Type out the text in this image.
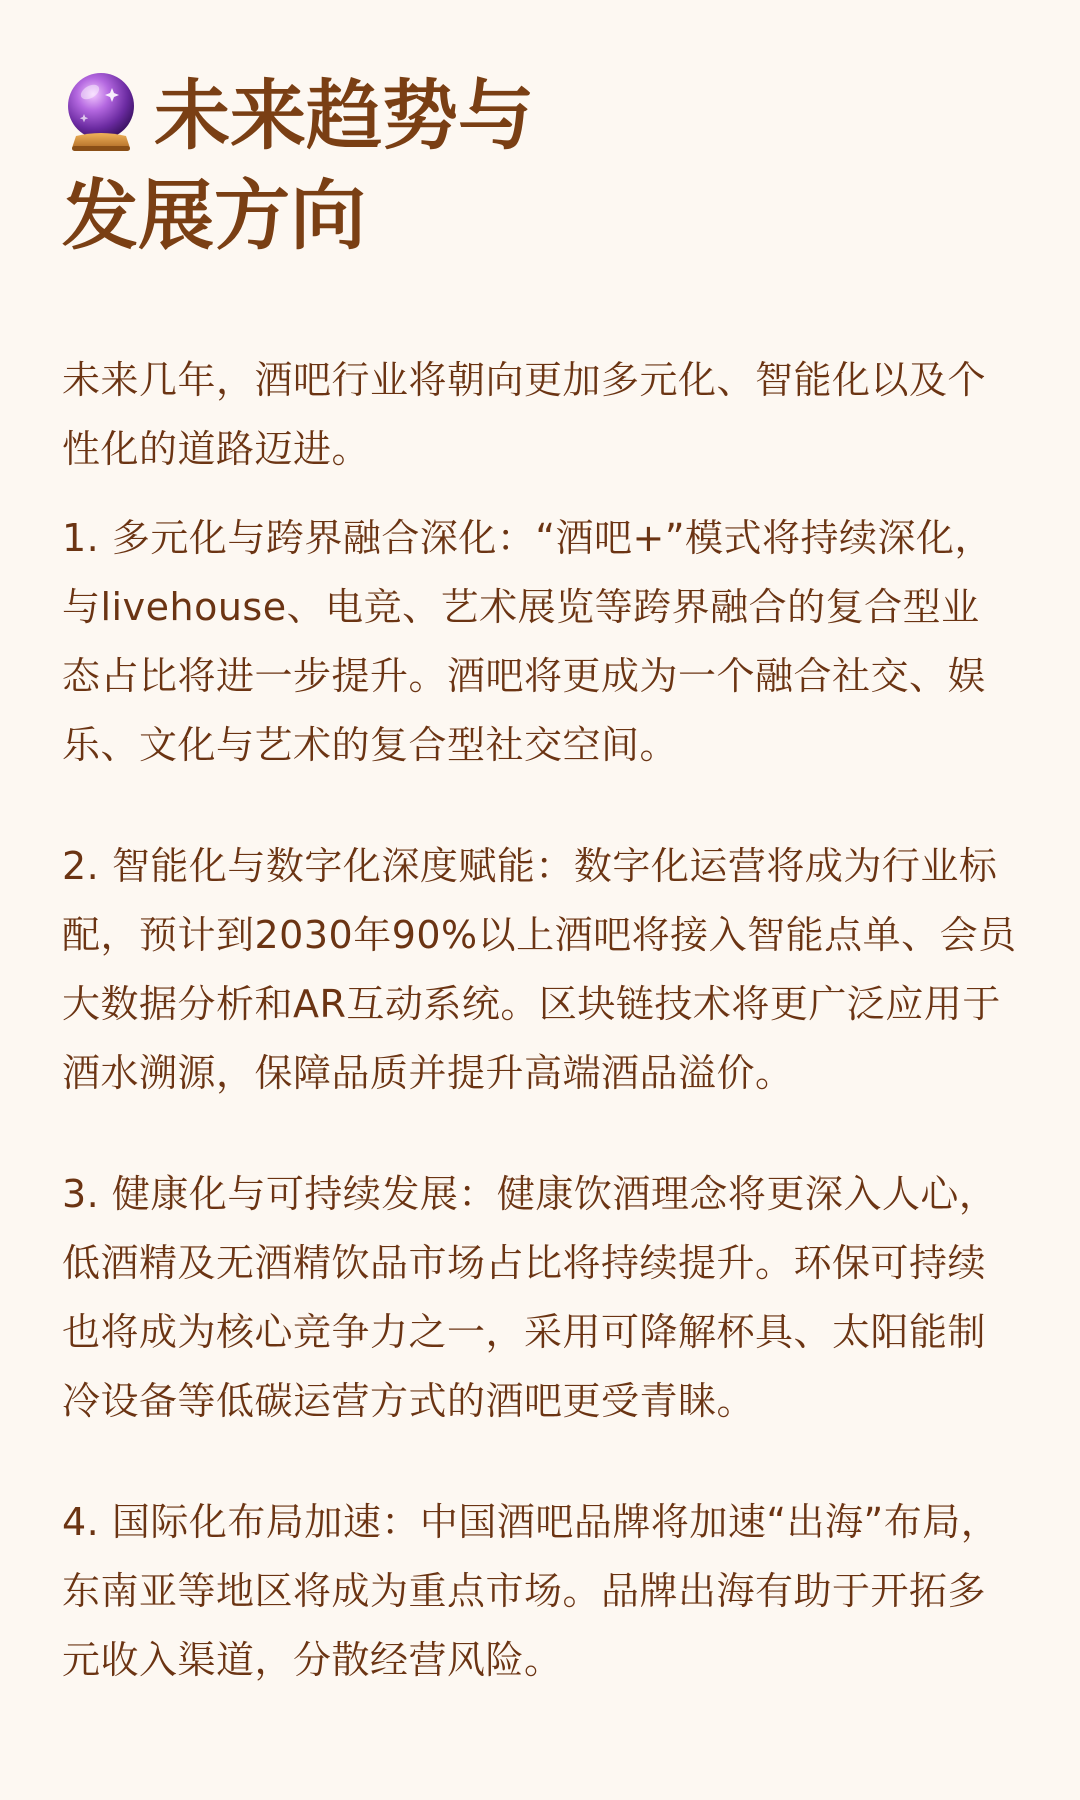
未来趋势与
发展方向

未来几年，酒吧行业将朝向更加多元化、智能化以及个性化的道路迈进。

1. 多元化与跨界融合深化：“酒吧+”模式将持续深化，与livehouse、电竞、艺术展览等跨界融合的复合型业态占比将进一步提升。酒吧将更成为一个融合社交、娱乐、文化与艺术的复合型社交空间。

2. 智能化与数字化深度赋能：数字化运营将成为行业标配，预计到2030年90%以上酒吧将接入智能点单、会员大数据分析和AR互动系统。区块链技术将更广泛应用于酒水溯源，保障品质并提升高端酒品溢价。

3. 健康化与可持续发展：健康饮酒理念将更深入人心，低酒精及无酒精饮品市场占比将持续提升。环保可持续也将成为核心竞争力之一，采用可降解杯具、太阳能制冷设备等低碳运营方式的酒吧更受青睐。

4. 国际化布局加速：中国酒吧品牌将加速“出海”布局，东南亚等地区将成为重点市场。品牌出海有助于开拓多元收入渠道，分散经营风险。
